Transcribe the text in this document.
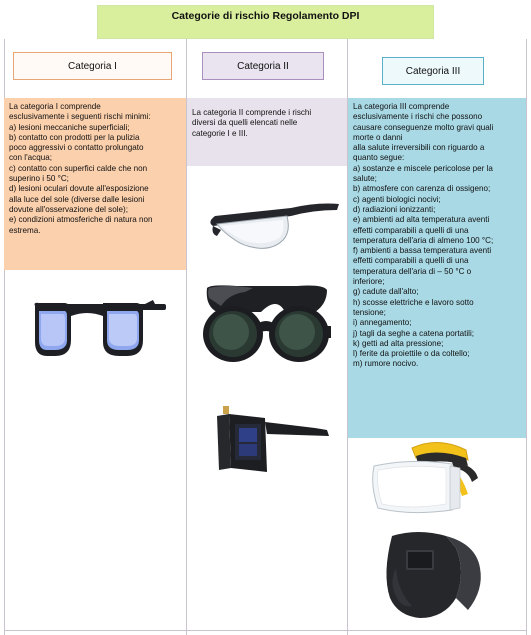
Categorie di rischio Regolamento DPI
Categoria I	Categoria II	Categoria III

La categoria I comprende

esclusivamente i seguenti rischi minimi:

a) lesioni meccaniche superficiali;

b) contatto con prodotti per la pulizia

poco aggressivi o contatto prolungato

con l'acqua;

c) contatto con superfici calde che non

superino i 50 °C;

d) lesioni oculari dovute all'esposizione

alla luce del sole (diverse dalle lesioni

dovute all'osservazione del sole);

e) condizioni atmosferiche di natura non

estrema.

La categoria II comprende i rischi

diversi da quelli elencati nelle

categorie I e III.

La categoria III comprende

esclusivamente i rischi che possono

causare conseguenze molto gravi quali

morte o danni

alla salute irreversibili con riguardo a

quanto segue:

a) sostanze e miscele pericolose per la

salute;

b) atmosfere con carenza di ossigeno;

c) agenti biologici nocivi;

d) radiazioni ionizzanti;

e) ambienti ad alta temperatura aventi

effetti comparabili a quelli di una

temperatura dell'aria di almeno 100 °C;

f) ambienti a bassa temperatura aventi

effetti comparabili a quelli di una

temperatura dell'aria di – 50 °C o

inferiore;

g) cadute dall'alto;

h) scosse elettriche e lavoro sotto

tensione;

i) annegamento;

j) tagli da seghe a catena portatili;

k) getti ad alta pressione;

l) ferite da proiettile o da coltello;

m) rumore nocivo.
